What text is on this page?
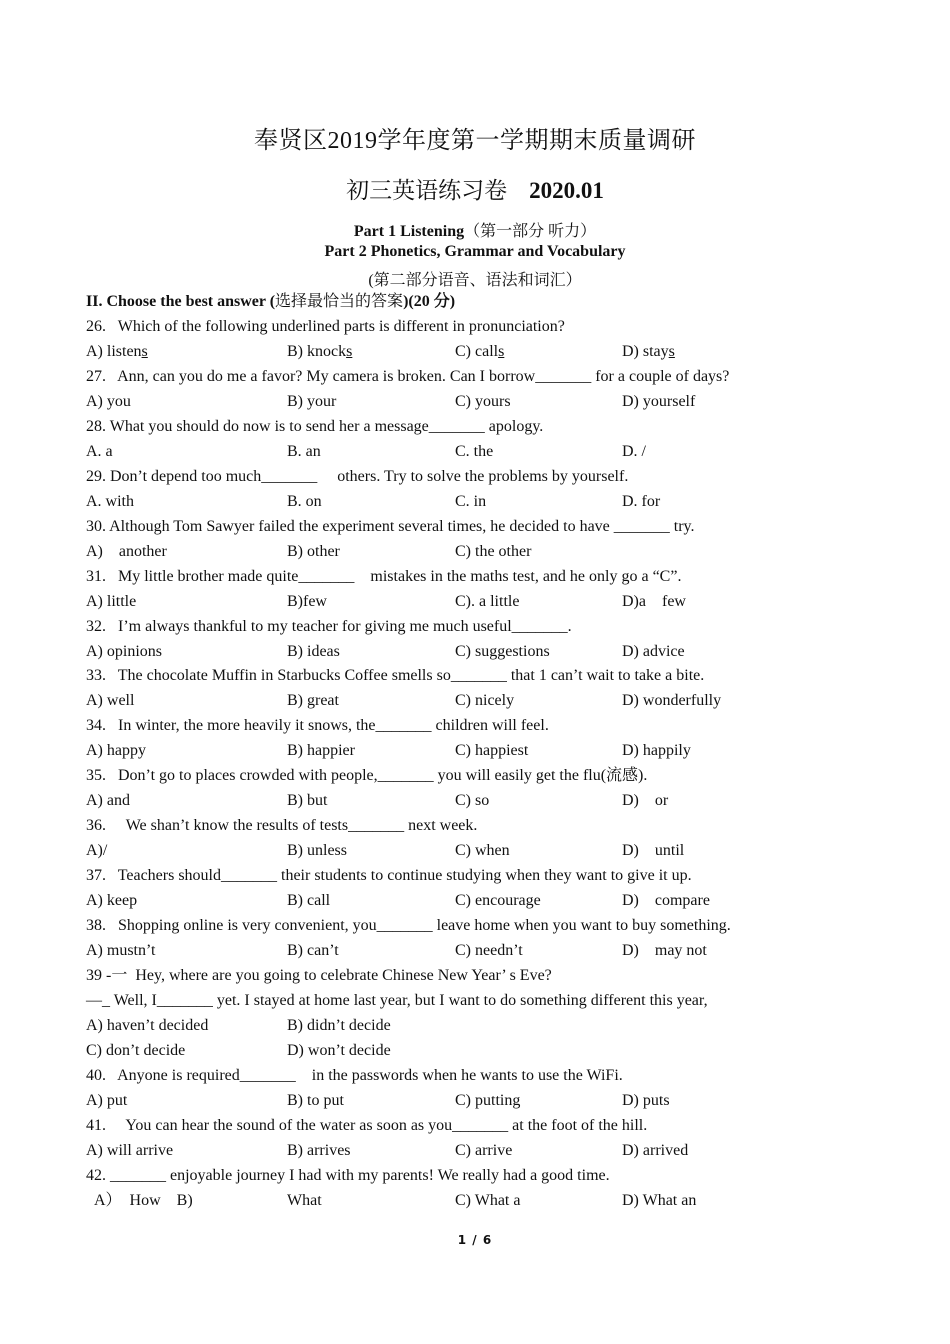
奉贤区2019学年度第一学期期末质量调研
初三英语练习卷 2020.01
Part 1 Listening（第一部分 听力）
Part 2 Phonetics, Grammar and Vocabulary
(第二部分语音、语法和词汇）
II. Choose the best answer (选择最恰当的答案)(20 分)
26.   Which of the following underlined parts is different in pronunciation?
A) listens	B) knocks	C) calls	D) stays
27.   Ann, can you do me a favor? My camera is broken. Can I borrow_______ for a couple of days?
A) you	B) your	C) yours	D) yourself
28. What you should do now is to send her a message_______ apology.
A. a	B. an	C. the	D. /
29. Don’t depend too much_______     others. Try to solve the problems by yourself.
A. with	B. on	C. in	D. for
30. Although Tom Sawyer failed the experiment several times, he decided to have _______ try.
A)    another	B) other	C) the other
31.   My little brother made quite_______    mistakes in the maths test, and he only go a “C”.
A) little	B)few	C). a little	D)a    few
32.   I’m always thankful to my teacher for giving me much useful_______.
A) opinions	B) ideas	C) suggestions	D) advice
33.   The chocolate Muffin in Starbucks Coffee smells so_______ that 1 can’t wait to take a bite.
A) well	B) great	C) nicely	D) wonderfully
34.   In winter, the more heavily it snows, the_______ children will feel.
A) happy	B) happier	C) happiest	D) happily
35.   Don’t go to places crowded with people,_______ you will easily get the flu(流感).
A) and	B) but	C) so	D)    or
36.     We shan’t know the results of tests_______ next week.
A)/	B) unless	C) when	D)    until
37.   Teachers should_______ their students to continue studying when they want to give it up.
A) keep	B) call	C) encourage	D)    compare
38.   Shopping online is very convenient, you_______ leave home when you want to buy something.
A) mustn’t	B) can’t	C) needn’t	D)    may not
39 -一  Hey, where are you going to celebrate Chinese New Year’ s Eve?
—_ Well, I_______ yet. I stayed at home last year, but I want to do something different this year,
A) haven’t decided	B) didn’t decide
C) don’t decide	D) won’t decide
40.   Anyone is required_______    in the passwords when he wants to use the WiFi.
A) put	B) to put	C) putting	D) puts
41.     You can hear the sound of the water as soon as you_______ at the foot of the hill.
A) will arrive	B) arrives	C) arrive	D) arrived
42. _______ enjoyable journey I had with my parents! We really had a good time.
A）  How    B)	What	C) What a	D) What an
1 / 6
